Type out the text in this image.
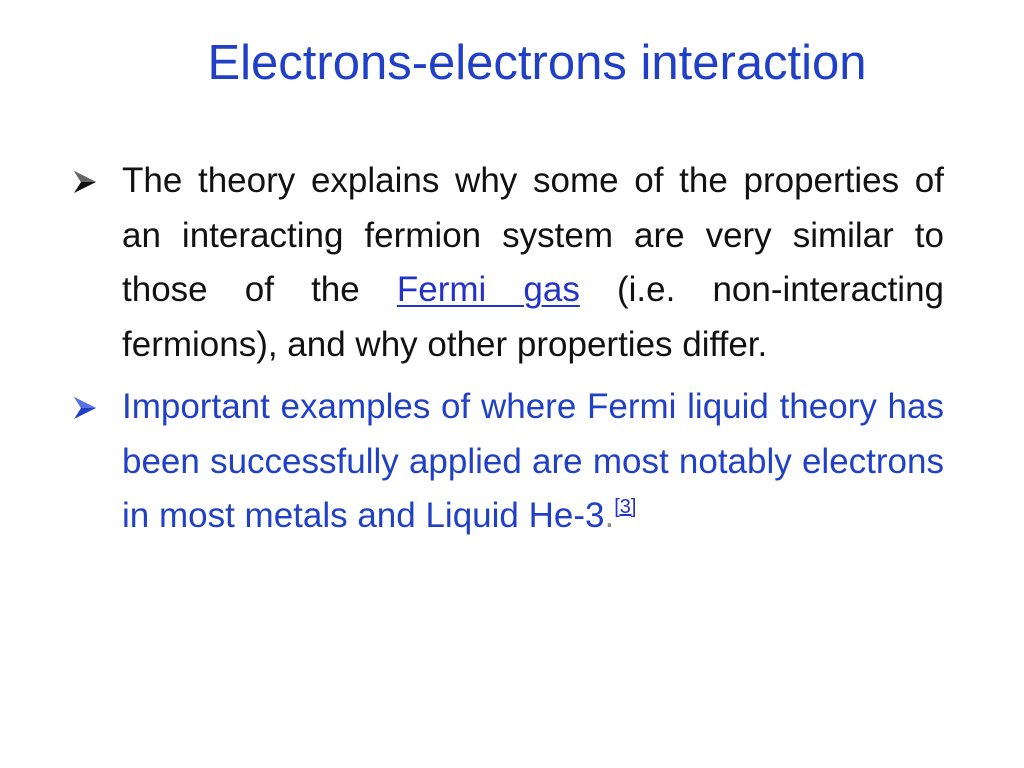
Electrons-electrons interaction
The theory explains why some of the properties of an interacting fermion system are very similar to those of the Fermi gas (i.e. non-interacting fermions), and why other properties differ.
Important examples of where Fermi liquid theory has been successfully applied are most notably electrons in most metals and Liquid He-3.[3]
